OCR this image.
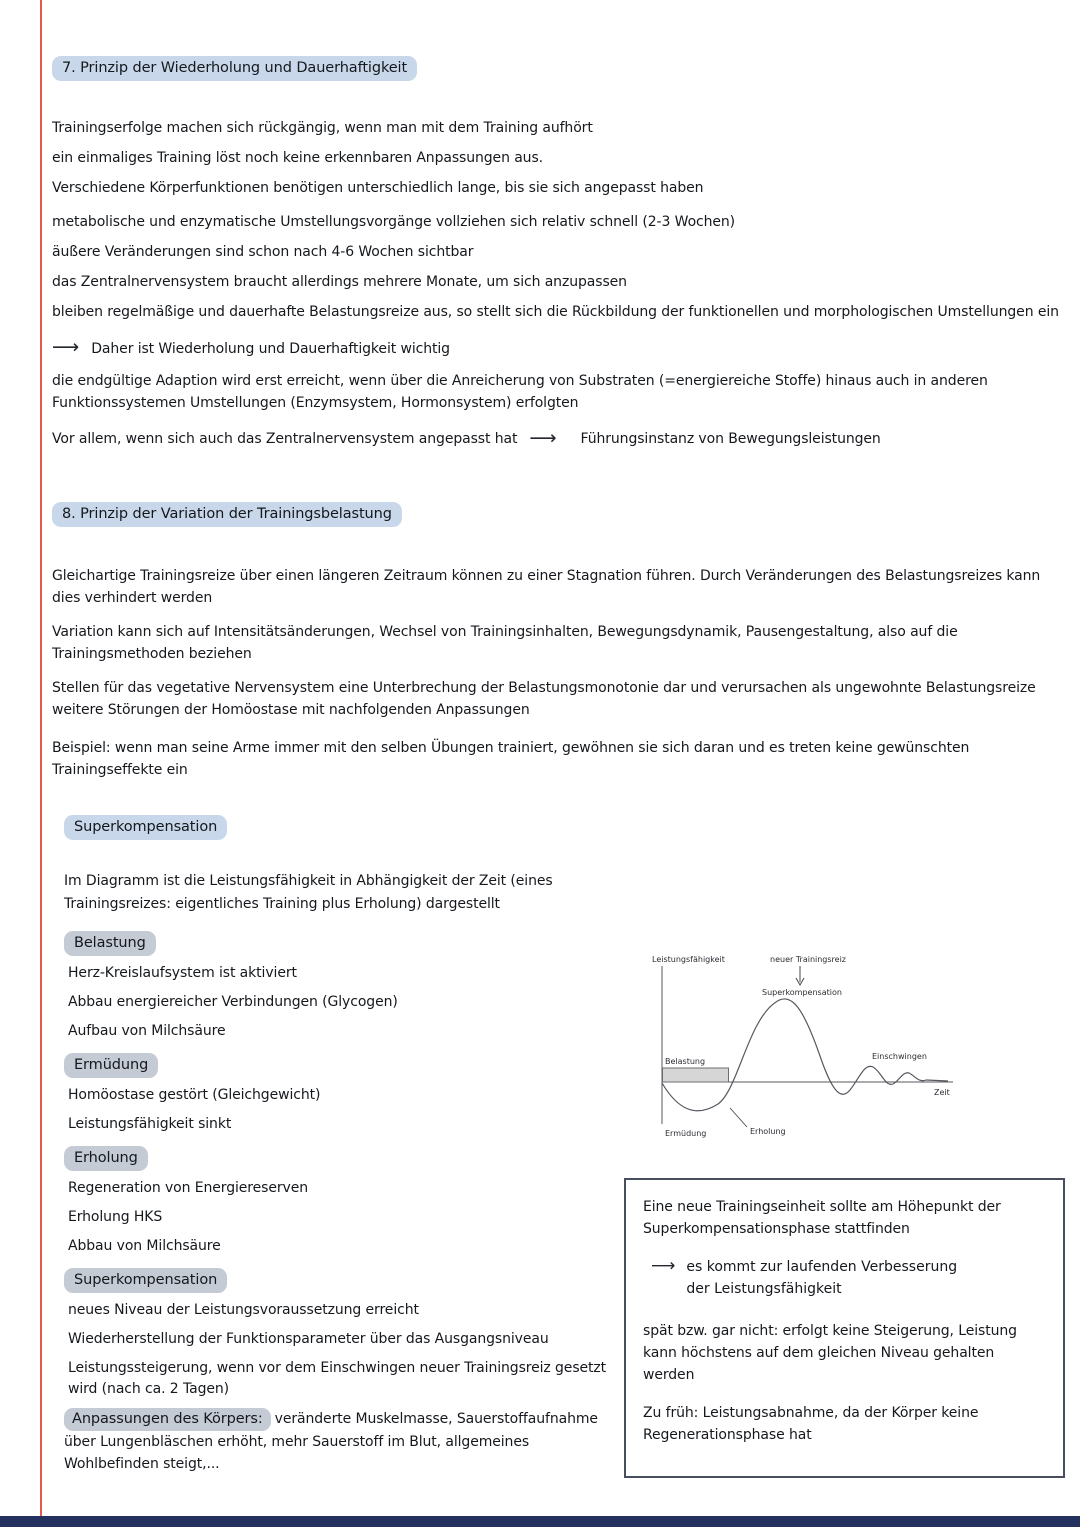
7. Prinzip der Wiederholung und Dauerhaftigkeit

Trainingserfolge machen sich rückgängig, wenn man mit dem Training aufhört

ein einmaliges Training löst noch keine erkennbaren Anpassungen aus.

Verschiedene Körperfunktionen benötigen unterschiedlich lange, bis sie sich angepasst haben

metabolische und enzymatische Umstellungsvorgänge vollziehen sich relativ schnell (2-3 Wochen)

äußere Veränderungen sind schon nach 4-6 Wochen sichtbar

das Zentralnervensystem braucht allerdings mehrere Monate, um sich anzupassen

bleiben regelmäßige und dauerhafte Belastungsreize aus, so stellt sich die Rückbildung der funktionellen und morphologischen Umstellungen ein

⟶ Daher ist Wiederholung und Dauerhaftigkeit wichtig

die endgültige Adaption wird erst erreicht, wenn über die Anreicherung von Substraten (=energiereiche Stoffe) hinaus auch in anderen Funktionssystemen Umstellungen (Enzymsystem, Hormonsystem) erfolgten

Vor allem, wenn sich auch das Zentralnervensystem angepasst hat ⟶ Führungsinstanz von Bewegungsleistungen
8. Prinzip der Variation der Trainingsbelastung

Gleichartige Trainingsreize über einen längeren Zeitraum können zu einer Stagnation führen. Durch Veränderungen des Belastungsreizes kann dies verhindert werden

Variation kann sich auf Intensitätsänderungen, Wechsel von Trainingsinhalten, Bewegungsdynamik, Pausengestaltung, also auf die Trainingsmethoden beziehen

Stellen für das vegetative Nervensystem eine Unterbrechung der Belastungsmonotonie dar und verursachen als ungewohnte Belastungsreize weitere Störungen der Homöostase mit nachfolgenden Anpassungen

Beispiel: wenn man seine Arme immer mit den selben Übungen trainiert, gewöhnen sie sich daran und es treten keine gewünschten Trainingseffekte ein

Superkompensation

Im Diagramm ist die Leistungsfähigkeit in Abhängigkeit der Zeit (eines Trainingsreizes: eigentliches Training plus Erholung) dargestellt

Belastung

Herz-Kreislaufsystem ist aktiviert

Abbau energiereicher Verbindungen (Glycogen)

Aufbau von Milchsäure

Ermüdung

Homöostase gestört (Gleichgewicht)

Leistungsfähigkeit sinkt

Erholung

Regeneration von Energiereserven

Erholung HKS

Abbau von Milchsäure

Superkompensation

neues Niveau der Leistungsvoraussetzung erreicht

Wiederherstellung der Funktionsparameter über das Ausgangsniveau

Leistungssteigerung, wenn vor dem Einschwingen neuer Trainingsreiz gesetzt wird (nach ca. 2 Tagen)

Anpassungen des Körpers: veränderte Muskelmasse, Sauerstoffaufnahme über Lungenbläschen erhöht, mehr Sauerstoff im Blut, allgemeines Wohlbefinden steigt,...

Leistungsfähigkeit	neuer Trainingsreiz
Superkompensation
Belastung
Einschwingen
Zeit
Ermüdung	Erholung

Eine neue Trainingseinheit sollte am Höhepunkt der Superkompensationsphase stattfinden

⟶ es kommt zur laufenden Verbesserung der Leistungsfähigkeit

spät bzw. gar nicht: erfolgt keine Steigerung, Leistung kann höchstens auf dem gleichen Niveau gehalten werden

Zu früh: Leistungsabnahme, da der Körper keine Regenerationsphase hat
